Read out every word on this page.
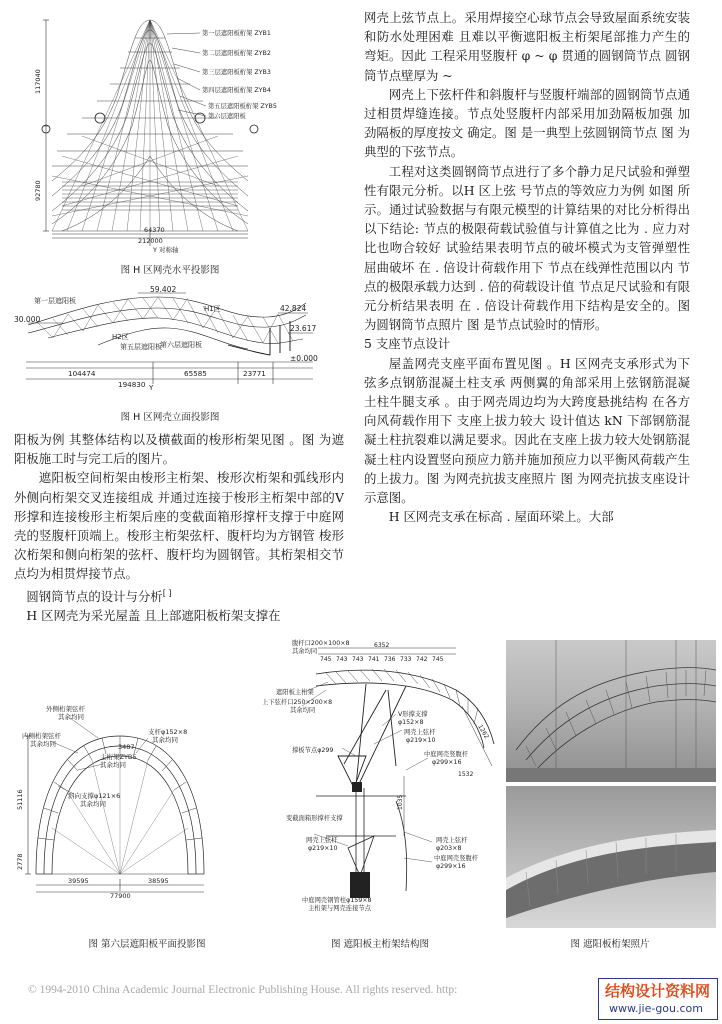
第一层遮阳板桁架 ZYB1
第二层遮阳板桁架 ZYB2
第三层遮阳板桁架 ZYB3
第四层遮阳板桁架 ZYB4
第五层遮阳板桁架 ZYB5
第六层遮阳板
117040
92780
64370
212000
Y 对称轴
图 H 区网壳水平投影图
59.402
42.824
30.000
23.617
±0.000
第一层遮阳板
H1区
H2区
第五层遮阳板
第六层遮阳板
Y
104474	65585	23771
194830
图 H 区网壳立面投影图

阳板为例 其整体结构以及横截面的梭形桁架见图 。图 为遮阳板施工时与完工后的图片。

遮阳板空间桁架由梭形主桁架、梭形次桁架和弧线形内外侧向桁架交叉连接组成 并通过连接于梭形主桁架中部的V 形撑和连接梭形主桁架后座的变截面箱形撑杆支撑于中庭网壳的竖腹杆顶端上。梭形主桁架弦杆、腹杆均为方钢管 梭形次桁架和侧向桁架的弦杆、腹杆均为圆钢管。其桁架相交节点均为相贯焊接节点。

圆钢筒节点的设计与分析[ ]

H 区网壳为采光屋盖 且上部遮阳板桁架支撑在

网壳上弦节点上。采用焊接空心球节点会导致屋面系统安装和防水处理困难 且难以平衡遮阳板主桁架尾部推力产生的弯矩。因此 工程采用竖腹杆 φ ~ φ 贯通的圆钢筒节点 圆钢筒节点壁厚为 ~

网壳上下弦杆件和斜腹杆与竖腹杆端部的圆钢筒节点通过相贯焊缝连接。节点处竖腹杆内部采用加劲隔板加强 加劲隔板的厚度按文 确定。图 是一典型上弦圆钢筒节点 图 为典型的下弦节点。

工程对这类圆钢筒节点进行了多个静力足尺试验和弹塑性有限元分析。以H 区上弦 号节点的等效应力为例 如图 所示。通过试验数据与有限元模型的计算结果的对比分析得出以下结论: 节点的极限荷载试验值与计算值之比为 . 应力对比也吻合较好 试验结果表明节点的破坏模式为支管弹塑性屈曲破坏 在 . 倍设计荷载作用下 节点在线弹性范围以内 节点的极限承载力达到 . 倍的荷载设计值 节点足尺试验和有限元分析结果表明 在 . 倍设计荷载作用下结构是安全的。图 为圆钢筒节点照片 图 是节点试验时的情形。

5 支座节点设计

屋盖网壳支座平面布置见图 。H 区网壳支承形式为下弦多点钢筋混凝土柱支承 两侧翼的角部采用上弦钢筋混凝土柱牛腿支承 。由于网壳周边均为大跨度悬挑结构 在各方向风荷载作用下 支座上拔力较大 设计值达 kN 下部钢筋混凝土柱抗裂难以满足要求。因此在支座上拔力较大处钢筋混凝土柱内设置竖向预应力筋并施加预应力以平衡风荷载产生的上拔力。图 为网壳抗拔支座照片 图 为网壳抗拔支座设计示意图。

H 区网壳支承在标高 . 屋面环梁上。大部

外侧桁架弦杆
其余均同
内侧桁架弦杆
其余均同
主桁架ZYB5
其余均同
支杆φ152×8
其余均同
斜向支撑φ121×6
其余均同
51116
39595	38595
77900
2778
3487
图 第六层遮阳板平面投影图
腹杆口200×100×8
其余均同
遮阳板主桁架
上下弦杆口250×200×8
其余均同
V形撑支撑
φ152×8
网壳上弦杆
φ219×10
撑板节点φ299
中庭网壳竖腹杆
φ299×16
变截面箱形撑杆支撑
网壳上弦杆
φ203×8
中庭网壳竖腹杆
φ299×16
网壳上弦杆
φ219×10
中庭网壳钢管柱φ159×8
主桁架与网壳连接节点
6352
745 743 743 741 736 733 742 745
1262
1035
1532
图 遮阳板主桁架结构图	图 遮阳板桁架照片
© 1994-2010 China Academic Journal Electronic Publishing House. All rights reserved. http:	结构设计资料网
www.jie-gou.com
